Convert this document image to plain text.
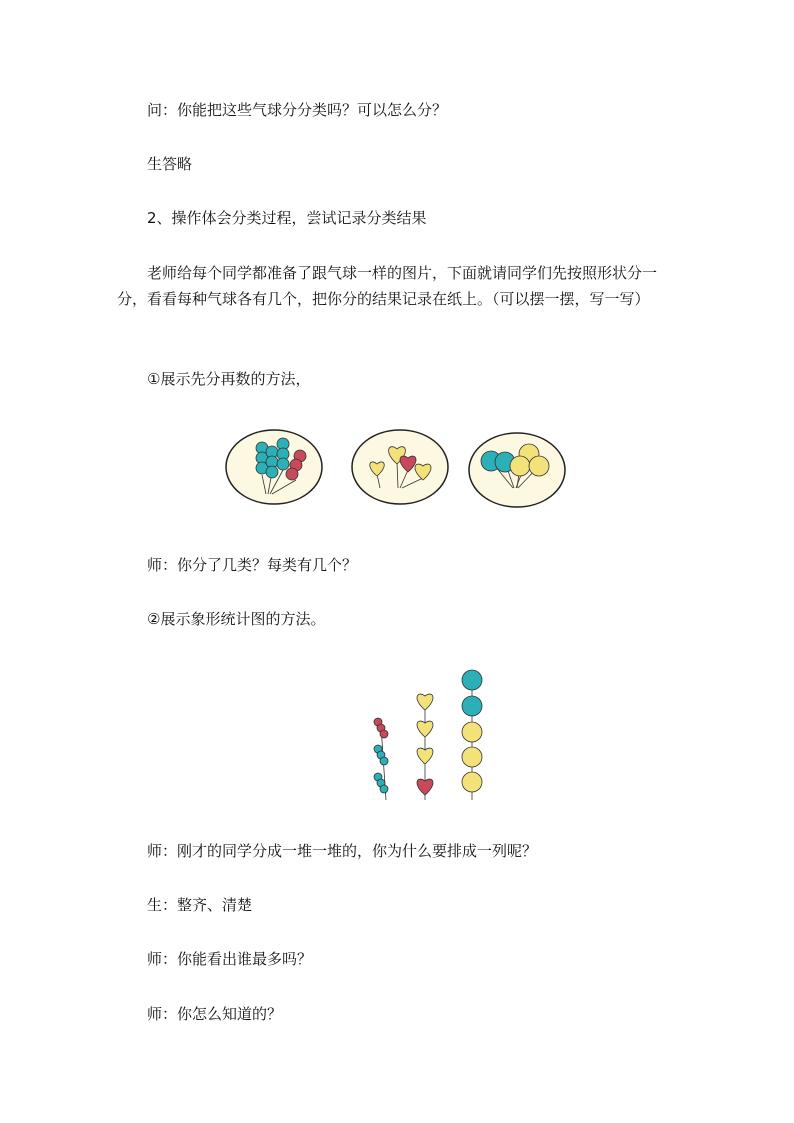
问：你能把这些气球分分类吗？可以怎么分？
生答略
2、操作体会分类过程，尝试记录分类结果
老师给每个同学都准备了跟气球一样的图片，下面就请同学们先按照形状分一分，看看每种气球各有几个，把你分的结果记录在纸上。（可以摆一摆，写一写）
①展示先分再数的方法，
师：你分了几类？每类有几个？
②展示象形统计图的方法。
师：刚才的同学分成一堆一堆的，你为什么要排成一列呢？
生：整齐、清楚
师：你能看出谁最多吗？
师：你怎么知道的？
